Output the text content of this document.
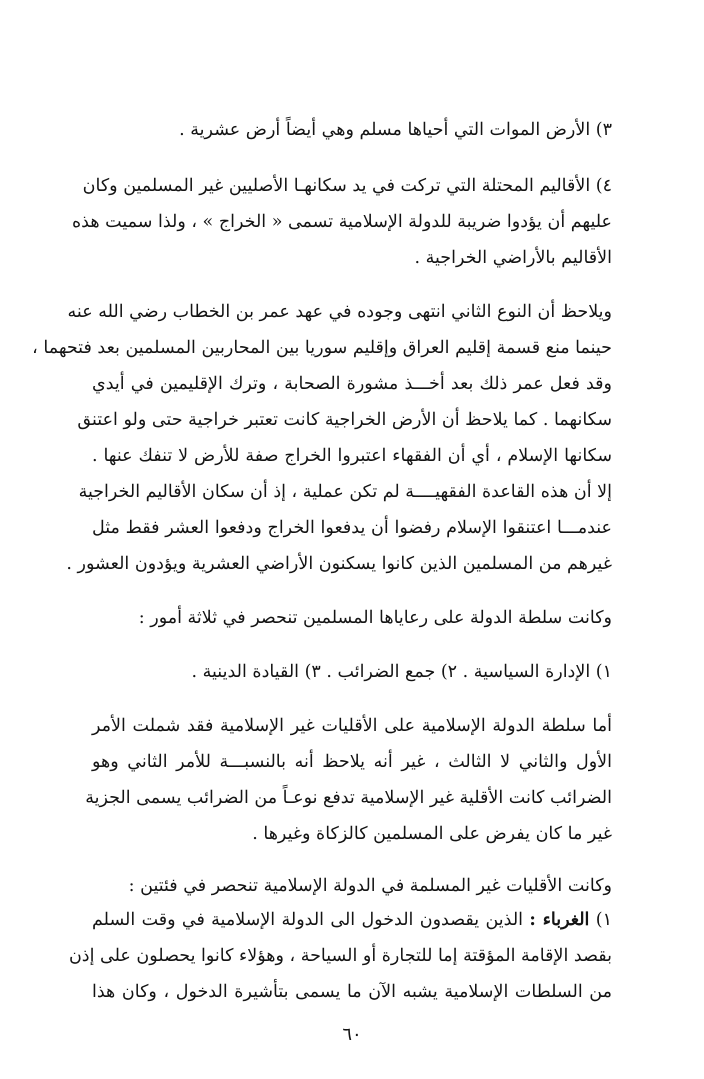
٣) الأرض الموات التي أحياها مسلم وهي أيضاً أرض عشرية .
٤) الأقاليم المحتلة التي تركت في يد سكانهـا الأصليين غير المسلمين وكان
عليهم أن يؤدوا ضريبة للدولة الإسلامية تسمى « الخراج » ، ولذا سميت هذه
الأقاليم بالأراضي الخراجية .
ويلاحظ أن النوع الثاني انتهى وجوده في عهد عمر بن الخطاب رضي الله عنه
حينما منع قسمة إقليم العراق وإقليم سوريا بين المحاربين المسلمين بعد فتحهما ،
وقد فعل عمر ذلك بعد أخـــذ مشورة الصحابة ، وترك الإقليمين في أيدي
سكانهما . كما يلاحظ أن الأرض الخراجية كانت تعتبر خراجية حتى ولو اعتنق
سكانها الإسلام ، أي أن الفقهاء اعتبروا الخراج صفة للأرض لا تنفك عنها .
إلا أن هذه القاعدة الفقهيــــة لم تكن عملية ، إذ أن سكان الأقاليم الخراجية
عندمـــا اعتنقوا الإسلام رفضوا أن يدفعوا الخراج ودفعوا العشر فقط مثل
غيرهم من المسلمين الذين كانوا يسكنون الأراضي العشرية ويؤدون العشور .
وكانت سلطة الدولة على رعاياها المسلمين تنحصر في ثلاثة أمور :
١) الإدارة السياسية . ٢) جمع الضرائب . ٣) القيادة الدينية .
أما سلطة الدولة الإسلامية على الأقليات غير الإسلامية فقد شملت الأمر
الأول والثاني لا الثالث ، غير أنه يلاحظ أنه بالنسبـــة للأمر الثاني وهو
الضرائب كانت الأقلية غير الإسلامية تدفع نوعـاً من الضرائب يسمى الجزية
غير ما كان يفرض على المسلمين كالزكاة وغيرها .
وكانت الأقليات غير المسلمة في الدولة الإسلامية تنحصر في فئتين :
١) الغرباء : الذين يقصدون الدخول الى الدولة الإسلامية في وقت السلم
بقصد الإقامة المؤقتة إما للتجارة أو السياحة ، وهؤلاء كانوا يحصلون على إذن
من السلطات الإسلامية يشبه الآن ما يسمى بتأشيرة الدخول ، وكان هذا
٦٠
